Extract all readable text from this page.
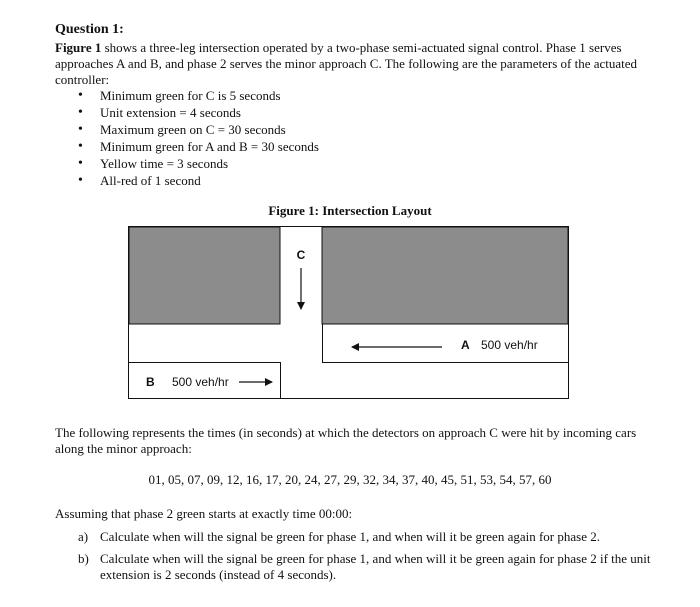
Question 1:
Figure 1 shows a three-leg intersection operated by a two-phase semi-actuated signal control. Phase 1 serves approaches A and B, and phase 2 serves the minor approach C. The following are the parameters of the actuated controller:
• Minimum green for C is 5 seconds
• Unit extension = 4 seconds
• Maximum green on C = 30 seconds
• Minimum green for A and B = 30 seconds
• Yellow time = 3 seconds
• All-red of 1 second
Figure 1: Intersection Layout
C
A 500 veh/hr
B 500 veh/hr
The following represents the times (in seconds) at which the detectors on approach C were hit by incoming cars along the minor approach:
01, 05, 07, 09, 12, 16, 17, 20, 24, 27, 29, 32, 34, 37, 40, 45, 51, 53, 54, 57, 60
Assuming that phase 2 green starts at exactly time 00:00:
a) Calculate when will the signal be green for phase 1, and when will it be green again for phase 2.
b) Calculate when will the signal be green for phase 1, and when will it be green again for phase 2 if the unit extension is 2 seconds (instead of 4 seconds).
